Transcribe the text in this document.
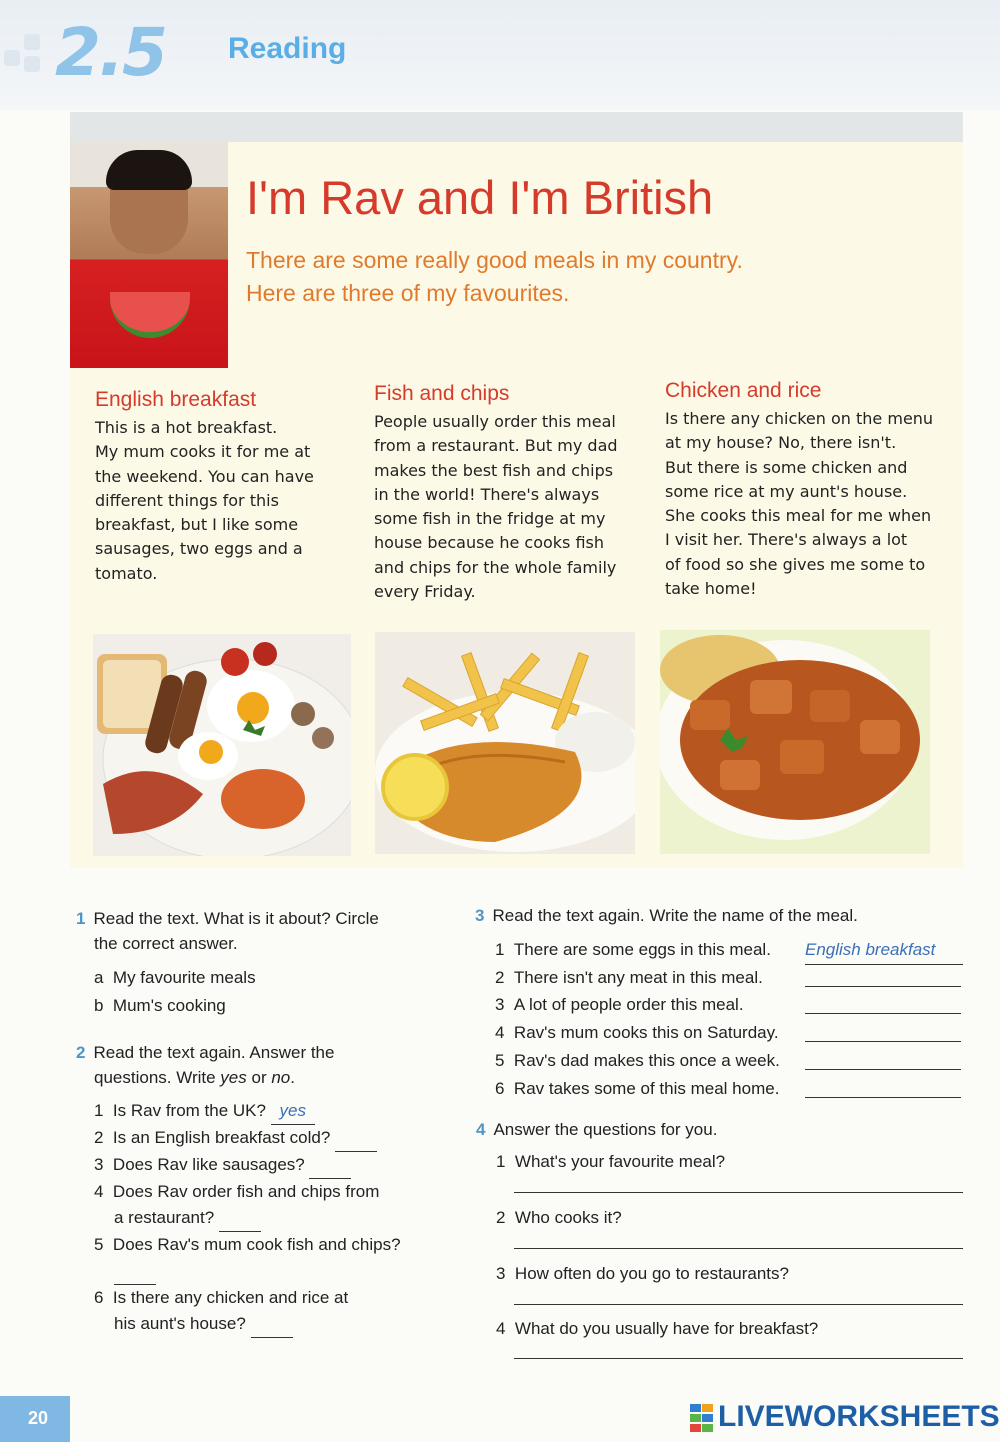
2.5 Reading
I'm Rav and I'm British
There are some really good meals in my country.
Here are three of my favourites.
English breakfast
This is a hot breakfast.
My mum cooks it for me at
the weekend. You can have
different things for this
breakfast, but I like some
sausages, two eggs and a
tomato.
Fish and chips
People usually order this meal
from a restaurant. But my dad
makes the best fish and chips
in the world! There's always
some fish in the fridge at my
house because he cooks fish
and chips for the whole family
every Friday.
Chicken and rice
Is there any chicken on the menu
at my house? No, there isn't.
But there is some chicken and
some rice at my aunt's house.
She cooks this meal for me when
I visit her. There's always a lot
of food so she gives me some to
take home!
1 Read the text. What is it about? Circle
the correct answer.
a My favourite meals
b Mum's cooking
2 Read the text again. Answer the
questions. Write yes or no.
1 Is Rav from the UK? yes
2 Is an English breakfast cold?
3 Does Rav like sausages?
4 Does Rav order fish and chips from
a restaurant?
5 Does Rav's mum cook fish and chips?

6 Is there any chicken and rice at
his aunt's house?
3 Read the text again. Write the name of the meal.
1 There are some eggs in this meal. English breakfast
2 There isn't any meat in this meal.
3 A lot of people order this meal.
4 Rav's mum cooks this on Saturday.
5 Rav's dad makes this once a week.
6 Rav takes some of this meal home.
4 Answer the questions for you.
1 What's your favourite meal?
2 Who cooks it?
3 How often do you go to restaurants?
4 What do you usually have for breakfast?
20	LIVEWORKSHEETS
